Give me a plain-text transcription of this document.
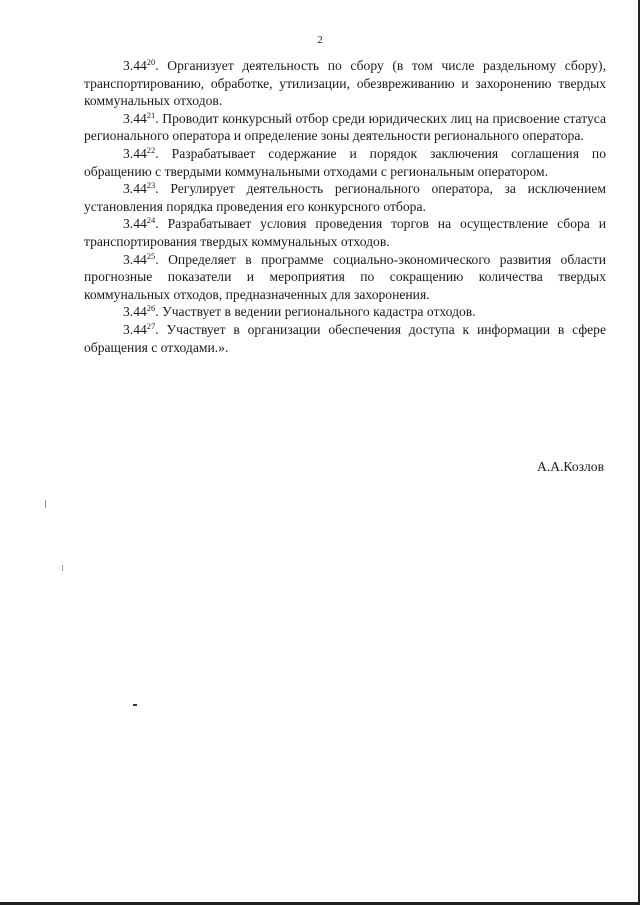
2

3.44$^{20}$. Организует деятельность по сбору (в том числе раздельному сбору), транспортированию, обработке, утилизации, обезвреживанию и захоронению твердых коммунальных отходов.

3.44$^{21}$. Проводит конкурсный отбор среди юридических лиц на присвоение статуса регионального оператора и определение зоны деятельности регионального оператора.

3.44$^{22}$. Разрабатывает содержание и порядок заключения соглашения по обращению с твердыми коммунальными отходами с региональным оператором.

3.44$^{23}$. Регулирует деятельность регионального оператора, за исключением установления порядка проведения его конкурсного отбора.

3.44$^{24}$. Разрабатывает условия проведения торгов на осуществление сбора и транспортирования твердых коммунальных отходов.

3.44$^{25}$. Определяет в программе социально-экономического развития области прогнозные показатели и мероприятия по сокращению количества твердых коммунальных отходов, предназначенных для захоронения.

3.44$^{26}$. Участвует в ведении регионального кадастра отходов.

3.44$^{27}$. Участвует в организации обеспечения доступа к информации в сфере обращения с отходами.».

А.А.Козлов
